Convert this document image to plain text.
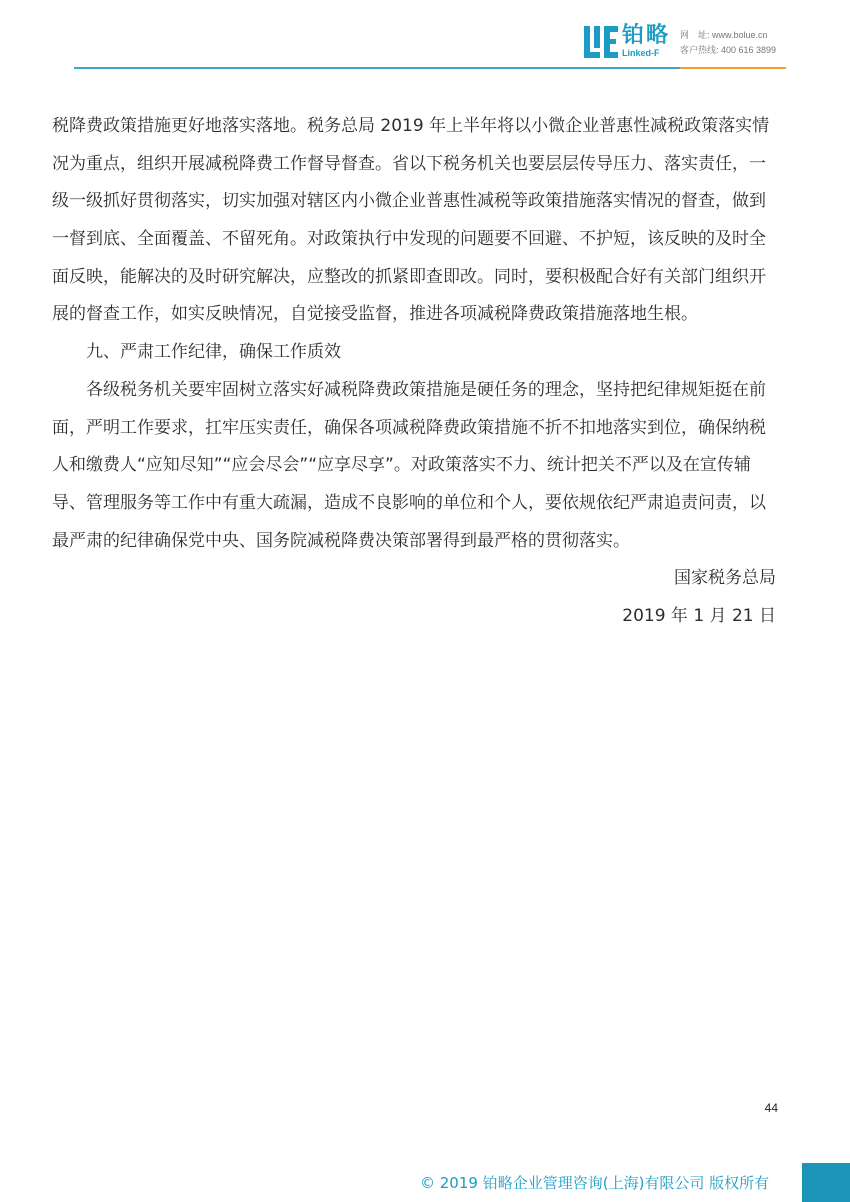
铂略
Linked-F
网　址: www.bolue.cn
客户热线: 400 616 3899
税降费政策措施更好地落实落地。税务总局 2019 年上半年将以小微企业普惠性减税政策落实情
况为重点，组织开展减税降费工作督导督查。省以下税务机关也要层层传导压力、落实责任，一
级一级抓好贯彻落实，切实加强对辖区内小微企业普惠性减税等政策措施落实情况的督查，做到
一督到底、全面覆盖、不留死角。对政策执行中发现的问题要不回避、不护短，该反映的及时全
面反映，能解决的及时研究解决，应整改的抓紧即查即改。同时，要积极配合好有关部门组织开
展的督查工作，如实反映情况，自觉接受监督，推进各项减税降费政策措施落地生根。
九、严肃工作纪律，确保工作质效
各级税务机关要牢固树立落实好减税降费政策措施是硬任务的理念，坚持把纪律规矩挺在前
面，严明工作要求，扛牢压实责任，确保各项减税降费政策措施不折不扣地落实到位，确保纳税
人和缴费人“应知尽知”“应会尽会”“应享尽享”。对政策落实不力、统计把关不严以及在宣传辅
导、管理服务等工作中有重大疏漏，造成不良影响的单位和个人，要依规依纪严肃追责问责，以
最严肃的纪律确保党中央、国务院减税降费决策部署得到最严格的贯彻落实。
国家税务总局
2019 年 1 月 21 日
44
© 2019 铂略企业管理咨询(上海)有限公司 版权所有
